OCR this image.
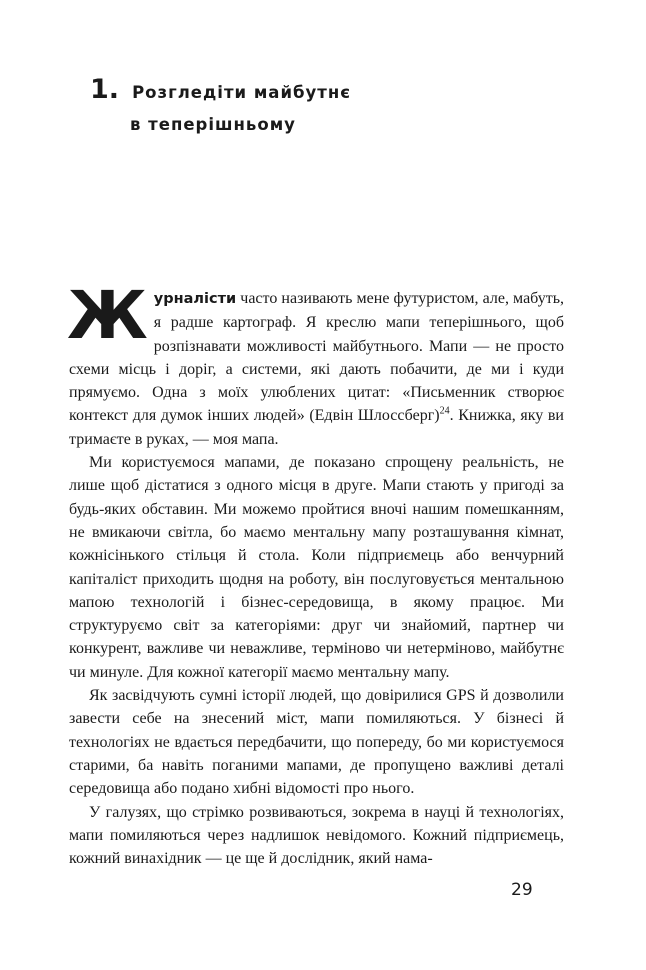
1 . Розгледіти майбутнє
в теперішньому

Журналісти часто називають мене футуристом, але, мабуть, я радше картограф. Я креслю мапи теперішнього, щоб розпізнавати можливості майбутнього. Мапи — не просто схеми місць і доріг, а системи, які дають побачити, де ми і куди прямуємо. Одна з моїх улюблених цитат: «Письменник створює контекст для думок інших людей» (Едвін Шлоссберг)$^{24}$. Книжка, яку ви тримаєте в руках, — моя мапа.

Ми користуємося мапами, де показано спрощену реальність, не лише щоб дістатися з одного місця в друге. Мапи стають у пригоді за будь-яких обставин. Ми можемо пройтися вночі нашим помешканням, не вмикаючи світла, бо маємо ментальну мапу розташування кімнат, кожнісінького стільця й стола. Коли підприємець або венчурний капіталіст приходить щодня на роботу, він послуговується ментальною мапою технологій і бізнес-середовища, в якому працює. Ми структуруємо світ за категоріями: друг чи знайомий, партнер чи конкурент, важливе чи неважливе, терміново чи нетерміново, майбутнє чи минуле. Для кожної категорії маємо ментальну мапу.

Як засвідчують сумні історії людей, що довірилися GPS й дозволили завести себе на знесений міст, мапи помиляються. У бізнесі й технологіях не вдається передбачити, що попереду, бо ми користуємося старими, ба навіть поганими мапами, де пропущено важливі деталі середовища або подано хибні відомості про нього.

У галузях, що стрімко розвиваються, зокрема в науці й технологіях, мапи помиляються через надлишок невідомого. Кожний підприємець, кожний винахідник — це ще й дослідник, який нама-

29
